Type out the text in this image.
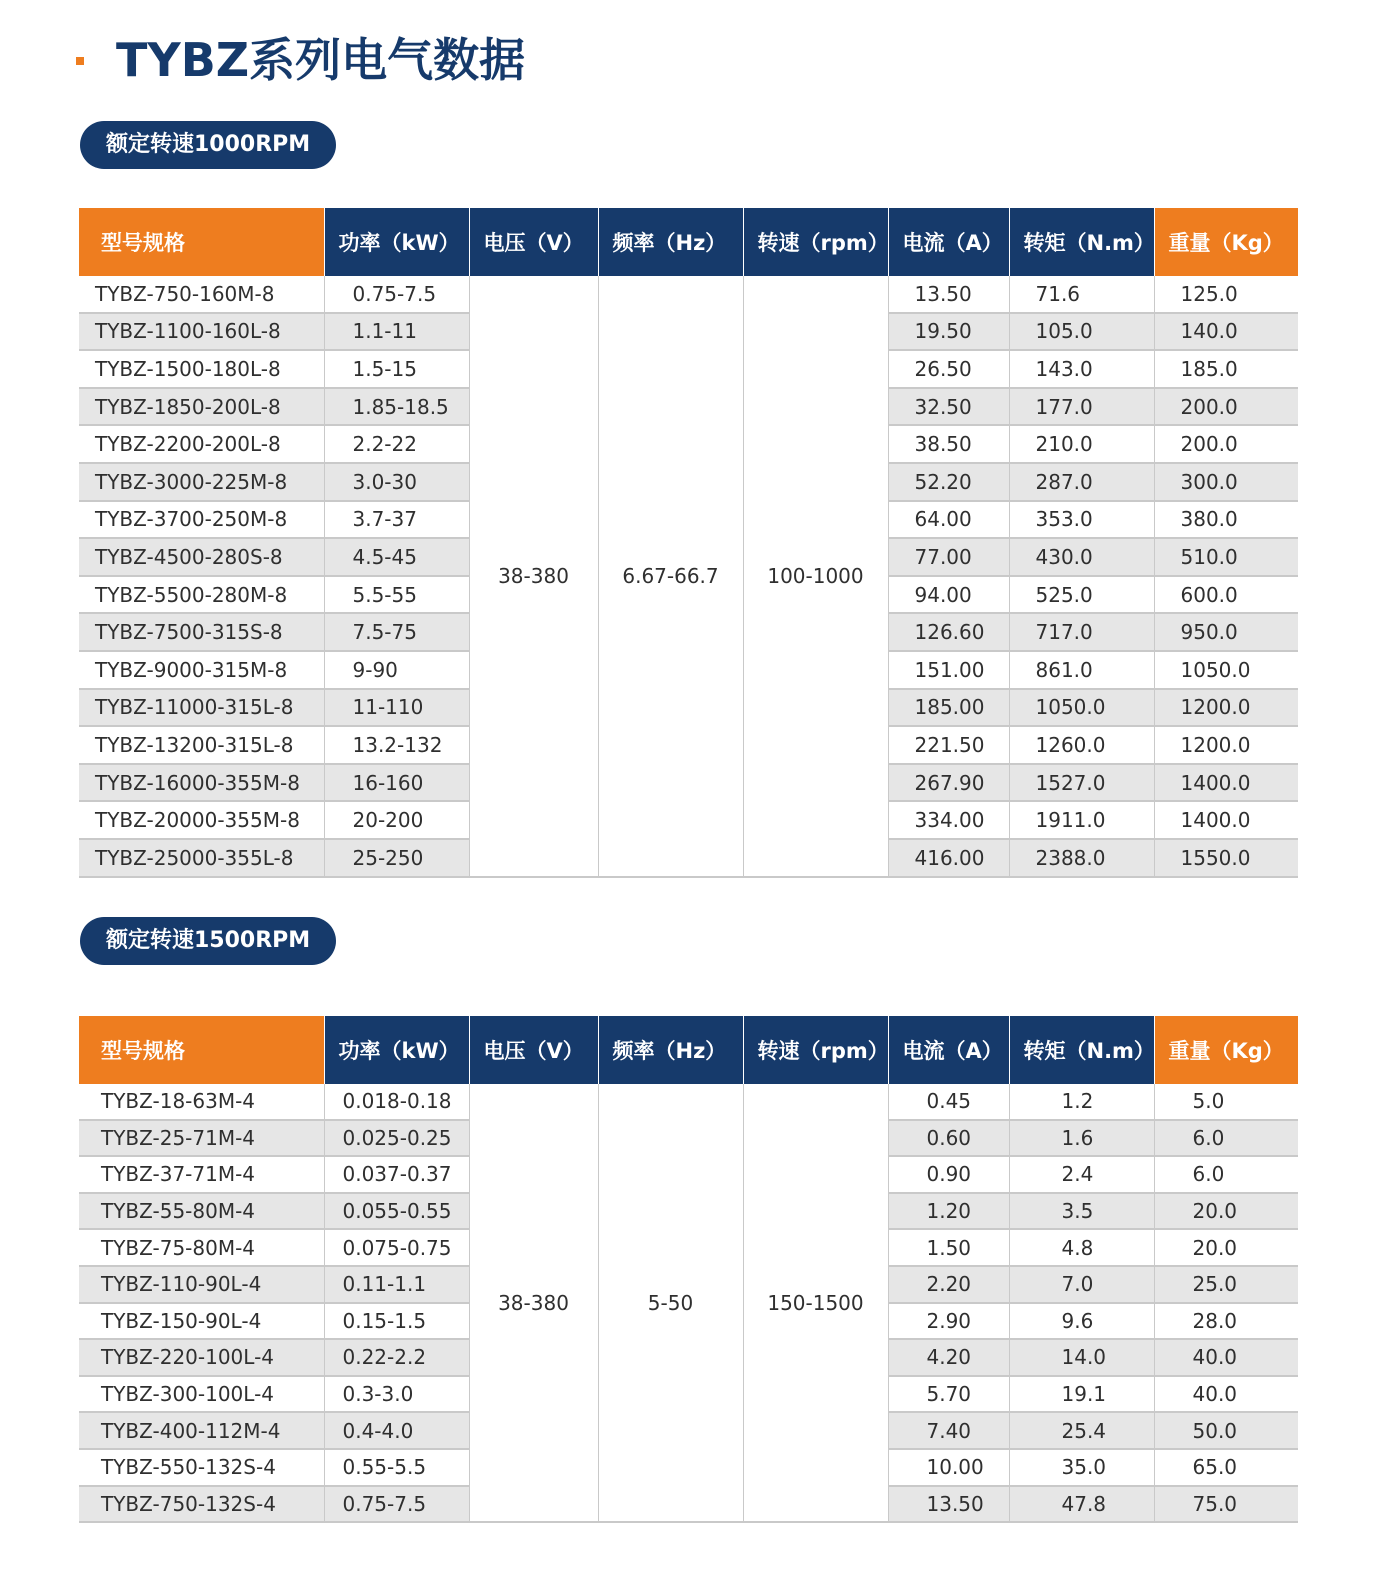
TYBZ系列电气数据
额定转速1000RPM
型号规格	功率（kW）	电压（V）	频率（Hz）	转速（rpm）	电流（A）	转矩（N.m）	重量（Kg）
TYBZ-750-160M-8	0.75-7.5	38-380	6.67-66.7	100-1000	13.50	71.6	125.0
TYBZ-1100-160L-8	1.1-11				19.50	105.0	140.0
TYBZ-1500-180L-8	1.5-15				26.50	143.0	185.0
TYBZ-1850-200L-8	1.85-18.5				32.50	177.0	200.0
TYBZ-2200-200L-8	2.2-22				38.50	210.0	200.0
TYBZ-3000-225M-8	3.0-30				52.20	287.0	300.0
TYBZ-3700-250M-8	3.7-37				64.00	353.0	380.0
TYBZ-4500-280S-8	4.5-45				77.00	430.0	510.0
TYBZ-5500-280M-8	5.5-55				94.00	525.0	600.0
TYBZ-7500-315S-8	7.5-75				126.60	717.0	950.0
TYBZ-9000-315M-8	9-90				151.00	861.0	1050.0
TYBZ-11000-315L-8	11-110				185.00	1050.0	1200.0
TYBZ-13200-315L-8	13.2-132				221.50	1260.0	1200.0
TYBZ-16000-355M-8	16-160				267.90	1527.0	1400.0
TYBZ-20000-355M-8	20-200				334.00	1911.0	1400.0
TYBZ-25000-355L-8	25-250				416.00	2388.0	1550.0
额定转速1500RPM
型号规格	功率（kW）	电压（V）	频率（Hz）	转速（rpm）	电流（A）	转矩（N.m）	重量（Kg）
TYBZ-18-63M-4	0.018-0.18	38-380	5-50	150-1500	0.45	1.2	5.0
TYBZ-25-71M-4	0.025-0.25				0.60	1.6	6.0
TYBZ-37-71M-4	0.037-0.37				0.90	2.4	6.0
TYBZ-55-80M-4	0.055-0.55				1.20	3.5	20.0
TYBZ-75-80M-4	0.075-0.75				1.50	4.8	20.0
TYBZ-110-90L-4	0.11-1.1				2.20	7.0	25.0
TYBZ-150-90L-4	0.15-1.5				2.90	9.6	28.0
TYBZ-220-100L-4	0.22-2.2				4.20	14.0	40.0
TYBZ-300-100L-4	0.3-3.0				5.70	19.1	40.0
TYBZ-400-112M-4	0.4-4.0				7.40	25.4	50.0
TYBZ-550-132S-4	0.55-5.5				10.00	35.0	65.0
TYBZ-750-132S-4	0.75-7.5				13.50	47.8	75.0
